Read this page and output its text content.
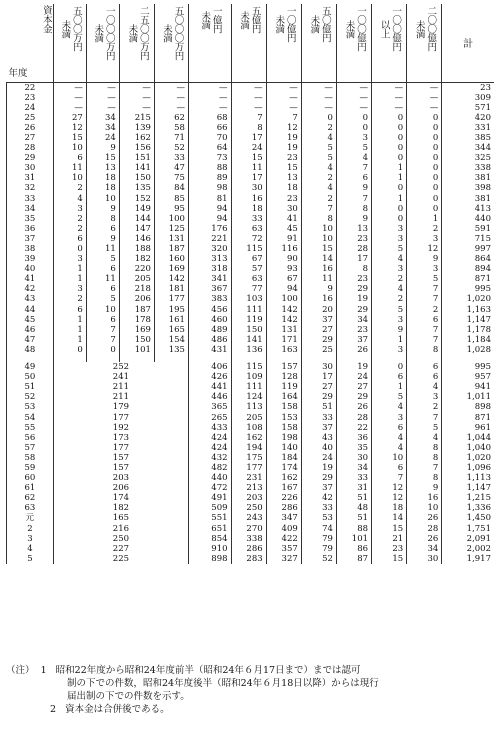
資本金
年度	未満 五〇〇万円	未満 一〇〇〇万円	未満 二五〇〇万円	未満 五〇〇〇万円	未満 一億円	未満 五億円	未満 一〇億円	未満 五〇億円	未満 一〇〇億円	以上 一〇〇億円	未満 二〇〇億円	計
22	—	—	—	—	—	—	—	—	—	—	—	23
23	—	—	—	—	—	—	—	—	—	—	—	309
24	—	—	—	—	—	—	—	—	—	—	—	571
25	27	34	215	62	68	7	7	0	0	0	0	420
26	12	34	139	58	66	8	12	2	0	0	0	331
27	15	24	162	71	70	17	19	4	3	0	0	385
28	10	9	156	52	64	24	19	5	5	0	0	344
29	6	15	151	33	73	15	23	5	4	0	0	325
30	11	13	141	47	88	11	15	4	7	1	0	338
31	10	18	150	75	89	17	13	2	6	1	0	381
32	2	18	135	84	98	30	18	4	9	0	0	398
33	4	10	152	85	81	16	23	2	7	1	0	381
34	3	9	149	95	94	18	30	7	8	0	0	413
35	2	8	144	100	94	33	41	8	9	0	1	440
36	2	6	147	125	176	63	45	10	13	3	2	591
37	6	9	146	131	221	72	91	10	23	3	3	715
38	0	11	188	187	320	115	116	15	28	5	12	997
39	3	5	182	160	313	67	90	14	17	4	9	864
40	1	6	220	169	318	57	93	16	8	3	3	894
41	1	11	205	142	341	63	67	11	23	2	5	871
42	3	6	218	181	367	77	94	9	29	4	7	995
43	2	5	206	177	383	103	100	16	19	2	7	1,020
44	6	10	187	195	456	111	142	20	29	5	2	1,163
45	1	6	178	161	460	119	142	37	34	3	6	1,147
46	1	7	169	165	489	150	131	27	23	9	7	1,178
47	1	7	150	154	486	141	171	29	37	1	7	1,184
48	0	0	101	135	431	136	163	25	26	3	8	1,028

49	252				406	115	157	30	19	0	6	995
50	241				426	109	128	17	24	6	6	957
51	211				441	111	119	27	27	1	4	941
52	211				446	124	164	29	29	5	3	1,011
53	179				365	113	158	51	26	4	2	898
54	177				265	205	153	33	28	3	7	871
55	192				433	108	158	37	22	6	5	961
56	173				424	162	198	43	36	4	4	1,044
57	177				424	194	140	40	35	4	8	1,040
58	157				432	175	184	24	30	10	8	1,020
59	157				482	177	174	19	34	6	7	1,096
60	203				440	231	162	29	33	7	8	1,113
61	206				472	213	167	37	31	12	9	1,147
62	174				491	203	226	42	51	12	16	1,215
63	182				509	250	286	33	48	18	10	1,336
元	165				551	243	347	53	51	14	26	1,450
2	216				651	270	409	74	88	15	28	1,751
3	250				854	338	422	79	101	21	26	2,091
4	227				910	286	357	79	86	23	34	2,002
5	225				898	283	327	52	87	15	30	1,917
（注） 1 昭和22年度から昭和24年度前半（昭和24年６月17日まで）までは認可
制の下での件数，昭和24年度後半（昭和24年６月18日以降）からは現行
届出制の下での件数を示す。
2 資本金は合併後である。
